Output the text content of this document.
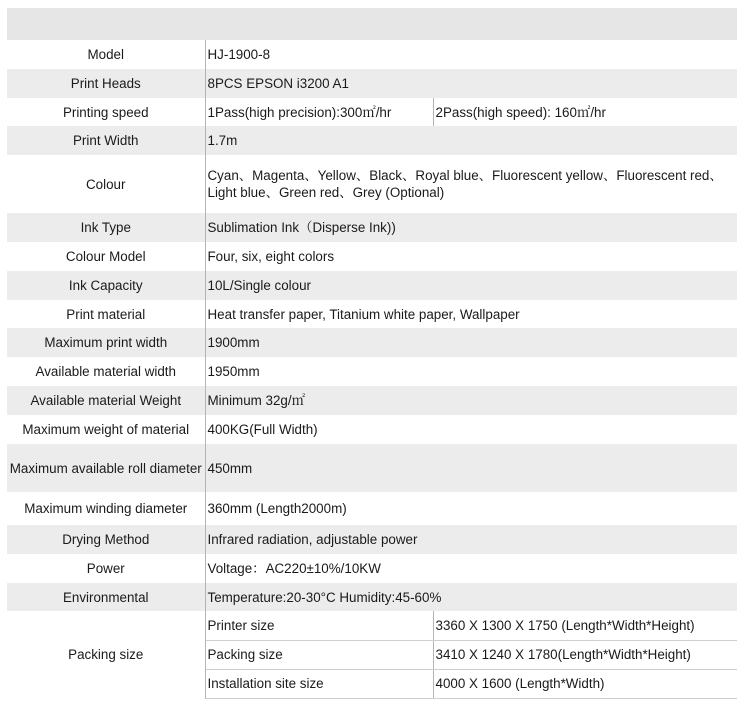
Model	HJ-1900-8	
Print Heads	8PCS EPSON i3200 A1	
Printing speed	1Pass(high precision):300㎡/hr	2Pass(high speed): 160㎡/hr
Print Width	1.7m	
Colour	Cyan、Magenta、Yellow、Black、Royal blue、Fluorescent yellow、Fluorescent red、Light blue、Green red、Grey (Optional)	
Ink Type	Sublimation Ink（Disperse Ink))	
Colour Model	Four, six, eight colors	
Ink Capacity	10L/Single colour	
Print material	Heat transfer paper, Titanium white paper, Wallpaper	
Maximum print width	1900mm	
Available material width	1950mm	
Available material Weight	Minimum 32g/㎡	
Maximum weight of material	400KG(Full Width)	
Maximum available roll diameter	450mm	
Maximum winding diameter	360mm (Length2000m)	
Drying Method	Infrared radiation, adjustable power	
Power	Voltage：AC220±10%/10KW	
Environmental	Temperature:20-30°C Humidity:45-60%	
Packing size	Printer size	3360 X 1300 X 1750 (Length*Width*Height)
	Packing size	3410 X 1240 X 1780(Length*Width*Height)
	Installation site size	4000 X 1600 (Length*Width)
